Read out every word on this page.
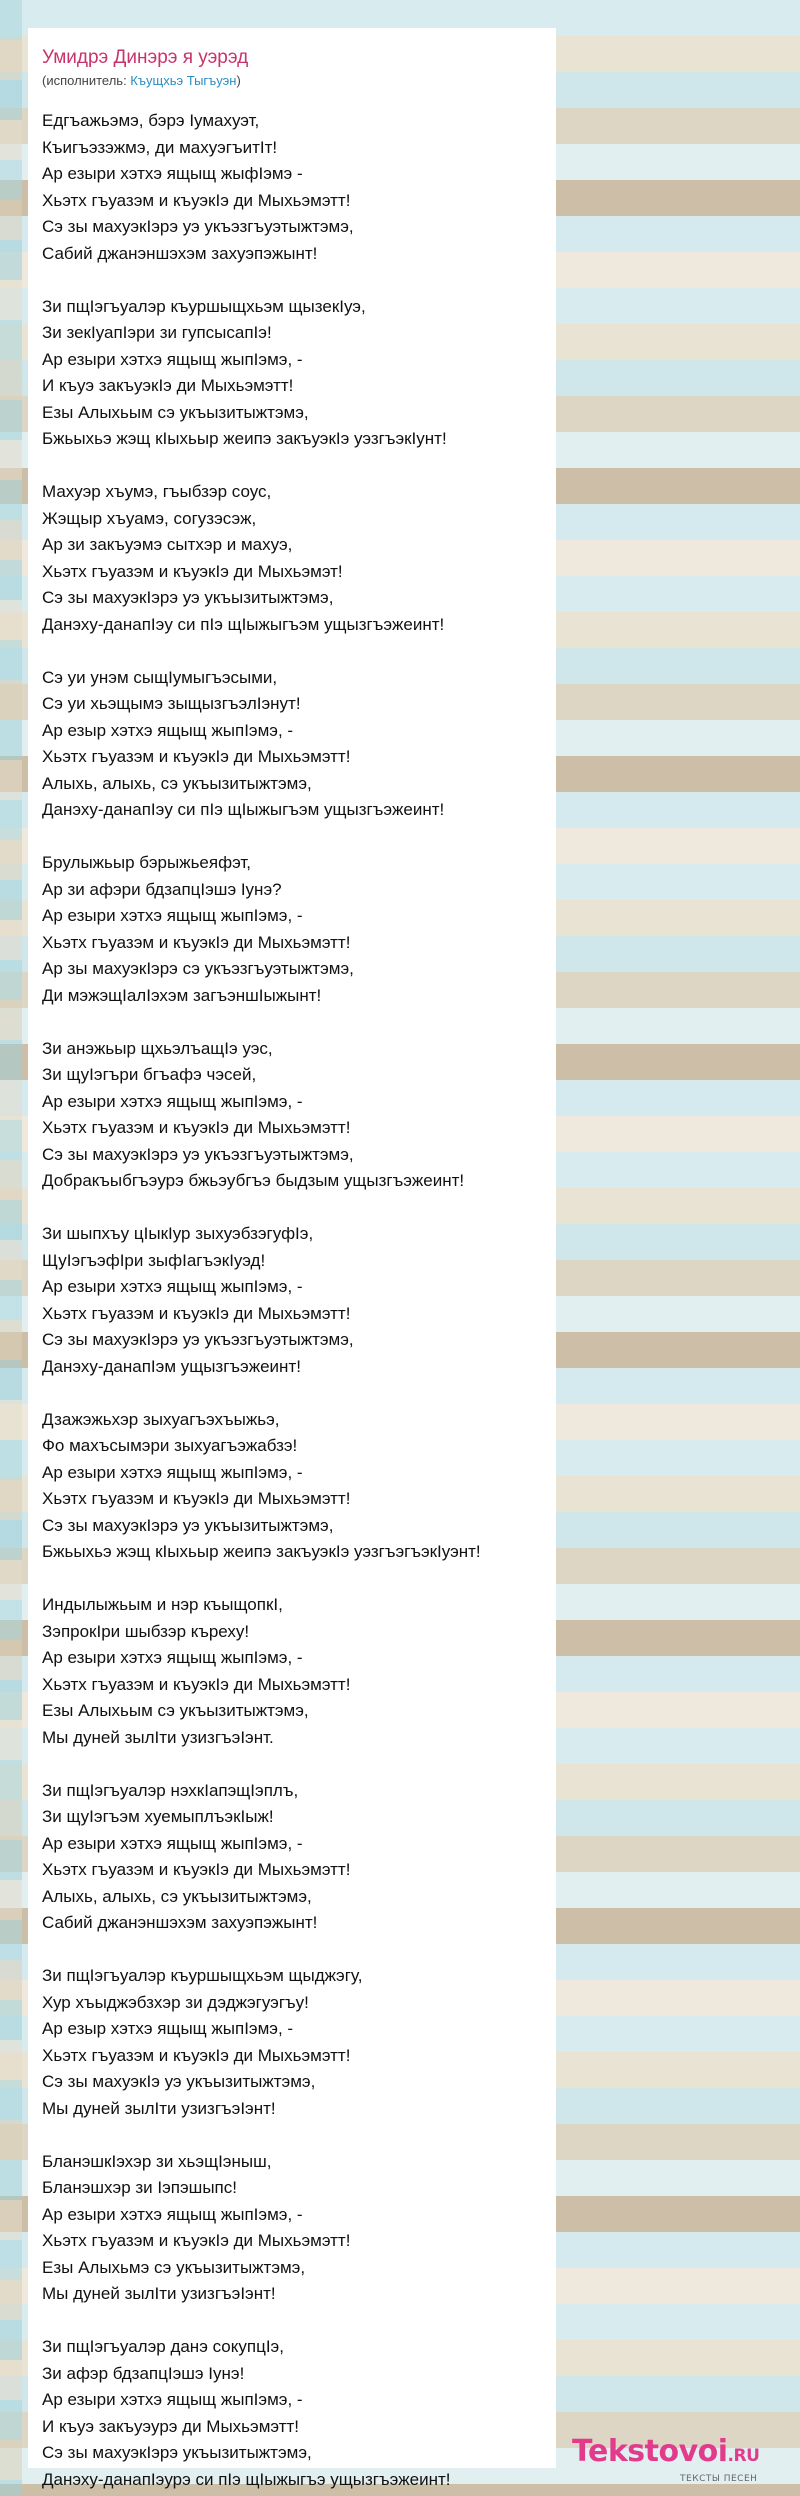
Умидрэ Динэрэ я уэрэд
(исполнитель: Къущхьэ Тыгъуэн)
Едгъажьэмэ, бэрэ Iумахуэт,
Къигъэзэжмэ, ди махуэгъитIт!
Ар езыри хэтхэ ящыщ жыфIэмэ -
Хьэтх гъуазэм и къуэкIэ ди Мыхьэмэтт!
Сэ зы махуэкIэрэ уэ укъэзгъуэтыжтэмэ,
Сабий джанэншэхэм захуэпэжынт!
Зи пщIэгъуалэр къуршыщхьэм щызекIуэ,
Зи зекIуапIэри зи гупсысапIэ!
Ар езыри хэтхэ ящыщ жыпIэмэ, -
И къуэ закъуэкIэ ди Мыхьэмэтт!
Езы Алыхьым сэ укъызитыжтэмэ,
Бжьыхьэ жэщ кIыхьыр жеипэ закъуэкIэ уэзгъэкIунт!
Махуэр хъумэ, гъыбзэр соус,
Жэщыр хъуамэ, согузэсэж,
Ар зи закъуэмэ сытхэр и махуэ,
Хьэтх гъуазэм и къуэкIэ ди Мыхьэмэт!
Сэ зы махуэкIэрэ уэ укъызитыжтэмэ,
Данэху-данапIэу си пIэ щIыжыгъэм ущызгъэжеинт!
Сэ уи унэм сыщIумыгъэсыми,
Сэ уи хьэщымэ зыщызгъэлIэнут!
Ар езыр хэтхэ ящыщ жыпIэмэ, -
Хьэтх гъуазэм и къуэкIэ ди Мыхьэмэтт!
Алыхь, алыхь, сэ укъызитыжтэмэ,
Данэху-данапIэу си пIэ щIыжыгъэм ущызгъэжеинт!
Брулыжьыр бэрыжьеяфэт,
Ар зи афэри бдзапцIэшэ Iунэ?
Ар езыри хэтхэ ящыщ жыпIэмэ, -
Хьэтх гъуазэм и къуэкIэ ди Мыхьэмэтт!
Ар зы махуэкIэрэ сэ укъэзгъуэтыжтэмэ,
Ди мэжэщIалIэхэм загъэншIыжынт!
Зи анэжьыр щхьэлъащIэ уэс,
Зи щуIэгъри бгъафэ чэсей,
Ар езыри хэтхэ ящыщ жыпIэмэ, -
Хьэтх гъуазэм и къуэкIэ ди Мыхьэмэтт!
Сэ зы махуэкIэрэ уэ укъэзгъуэтыжтэмэ,
Добракъыбгъэурэ бжьэубгъэ быдзым ущызгъэжеинт!
Зи шыпхъу цIыкIур зыхуэбзэгуфIэ,
ЩуIэгъэфIри зыфIагъэкIуэд!
Ар езыри хэтхэ ящыщ жыпIэмэ, -
Хьэтх гъуазэм и къуэкIэ ди Мыхьэмэтт!
Сэ зы махуэкIэрэ уэ укъэзгъуэтыжтэмэ,
Данэху-данапIэм ущызгъэжеинт!
Дзажэжьхэр зыхуагъэхъыжьэ,
Фо махъсымэри зыхуагъэжабзэ!
Ар езыри хэтхэ ящыщ жыпIэмэ, -
Хьэтх гъуазэм и къуэкIэ ди Мыхьэмэтт!
Сэ зы махуэкIэрэ уэ укъызитыжтэмэ,
Бжьыхьэ жэщ кIыхьыр жеипэ закъуэкIэ уэзгъэгъэкIуэнт!
Индылыжьым и нэр къыщопкI,
ЗэпрокIри шыбзэр къреху!
Ар езыри хэтхэ ящыщ жыпIэмэ, -
Хьэтх гъуазэм и къуэкIэ ди Мыхьэмэтт!
Езы Алыхьым сэ укъызитыжтэмэ,
Мы дуней зылIти узизгъэIэнт.
Зи пщIэгъуалэр нэхкIапэщIэплъ,
Зи щуIэгъэм хуемыплъэкIыж!
Ар езыри хэтхэ ящыщ жыпIэмэ, -
Хьэтх гъуазэм и къуэкIэ ди Мыхьэмэтт!
Алыхь, алыхь, сэ укъызитыжтэмэ,
Сабий джанэншэхэм захуэпэжынт!
Зи пщIэгъуалэр къуршыщхьэм щыджэгу,
Хур хъыджэбзхэр зи дэджэгуэгъу!
Ар езыр хэтхэ ящыщ жыпIэмэ, -
Хьэтх гъуазэм и къуэкIэ ди Мыхьэмэтт!
Сэ зы махуэкIэ уэ укъызитыжтэмэ,
Мы дуней зылIти узизгъэIэнт!
БланэшкIэхэр зи хьэщIэныш,
Бланэшхэр зи Iэпэшыпс!
Ар езыри хэтхэ ящыщ жыпIэмэ, -
Хьэтх гъуазэм и къуэкIэ ди Мыхьэмэтт!
Езы Алыхьмэ сэ укъызитыжтэмэ,
Мы дуней зылIти узизгъэIэнт!
Зи пщIэгъуалэр данэ сокупцIэ,
Зи афэр бдзапцIэшэ Iунэ!
Ар езыри хэтхэ ящыщ жыпIэмэ, -
И къуэ закъуэурэ ди Мыхьэмэтт!
Сэ зы махуэкIэрэ укъызитыжтэмэ,
Данэху-данапIэурэ си пIэ щIыжыгъэ ущызгъэжеинт!
Tekstovoi.RU
ТЕКСТЫ ПЕСЕН
